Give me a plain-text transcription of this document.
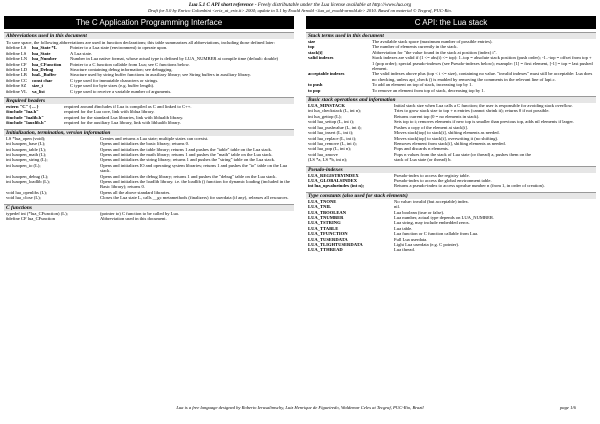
Lua 5.1 C API short reference - Freely distributable under the Lua license available at http://www.lua.org
Draft for 5.0 by Enrico Colombini <erix_at_erix.it> 2004; update to 5.1 by Ewald Arnold <lua_at_ewald-arnold.de> 2010. Based on material © Tecgraf, PUC-Rio.
The C Application Programming Interface
Abbreviations used in this document
To save space, the following abbreviations are used in function declarations; this table summarizes all abbreviations, including those defined later:
#define LS	lua_State *L	Pointer to a Lua state (environment) to operate upon.
#define LS	lua_State	A Lua state.
#define LN	lua_Number	Number in Lua native format, whose actual type is defined by LUA_NUMBER at compile time (default: double)
#define CF	lua_CFunction	Pointer to a C function callable from Lua; see C functions below.
#define LD	lua_Debug	Structure containing debug information; see debugging.
#define LB	luaL_Buffer	Structure used by string buffer functions in auxiliary library; see String buffers in auxiliary library.
#define CC	const char	C type used for immutable characters or strings.
#define SZ	size_t	C type used for byte sizes (e.g. buffer length).
#define VL	va_list	C type used to receive a variable number of arguments.
Required headers
extern "C" { ... }	required around #includes if Lua is compiled as C and linked to C++.
#include "lua.h"	required for the Lua core, link with liblua library.
#include "lualib.h"	required for the standard Lua libraries, link with liblualib library.
#include "lauxlib.h"	required for the auxiliary Lua library, link with liblualib library.
Initialization, termination, version information
LS *lua_open (void);	Creates and returns a Lua state; multiple states can coexist.
int luaopen_base (L);	Opens and initializes the basic library; returns 0.
int luaopen_table (L);	Opens and initializes the table library; returns 1 and pushes the "table" table on the Lua stack.
int luaopen_math (L);	Opens and initializes the math library; returns 1 and pushes the "math" table on the Lua stack.
int luaopen_string (L);	Opens and initializes the string library; returns 1 and pushes the "string" table on the Lua stack.
int luaopen_io (L);	Opens and initializes IO and operating system libraries; returns 1 and pushes the "io" table on the Lua stack.
int luaopen_debug (L);	Opens and initializes the debug library; returns 1 and pushes the "debug" table on the Lua stack.
int luaopen_loadlib (L);	Opens and initializes the loadlib library. i.e. the loadlib () function for dynamic loading (included in the Basic library); returns 0.
void lua_openlibs (L);	Opens all the above standard libraries.
void lua_close (L);	Closes the Lua state L, calls __gc metamethods (finalizers) for userdata (if any), releases all resources.
C functions
typedef int (*lua_CFunction) (L);	(pointer to) C function to be called by Lua.
#define CF lua_CFunction	Abbreviation used in this document.
C API: the Lua stack
Stack terms used in this document
size	The available stack space (maximum number of possible entries).
top	The number of elements currently in the stack.
stack[i]	Abbreviation for "the value found in the stack at position (index) i".
valid indexes	Stack indexes are valid if (1 <= abs(i) <= top): 1..top = absolute stack position (push order); -1..-top = offset from top + 1 (pop order); special pseudo-indexes (see Pseudo-indexes below); example: [1] = first element, [-1] = top = last pushed element.
acceptable indexes	The valid indexes above plus (top < i <= size), containing no value. "invalid indexes" must still be acceptable: Lua does no checking, unless api_check () is enabled by removing the comments in the relevant line of lapi.c.
to push	To add an element on top of stack, increasing top by 1.
to pop	To remove an element from top of stack, decreasing top by 1.
Basic stack operations and information
LUA_MINSTACK	Initial stack size when Lua calls a C function; the user is responsible for avoiding stack overflow.
int lua_checkstack (L, int n);	Tries to grow stack size to top + n entries (cannot shrink it); returns 0 if not possible.
int lua_gettop (L);	Returns current top (0 = no elements in stack).
void lua_settop (L, int i);	Sets top to i; removes elements if new top is smaller than previous top, adds nil elements if larger.
void lua_pushvalue (L, int i);	Pushes a copy of the element at stack[i].
void lua_insert (L, int i);	Moves stack[top] to stack[i], shifting elements as needed.
void lua_replace (L, int i);	Moves stack[top] to stack[i], overwriting it (no shifting).
void lua_remove (L, int i);	Removes element from stack[i], shifting elements as needed.
void lua_pop (L, int n);	Pops and discards n elements.
void lua_xmove	Pops n values from the stack of Lua state (or thread) a, pushes them on the
(LS *a, LS *b, int n);	stack of Lua state (or thread) b.
Pseudo-indexes
LUA_REGISTRYINDEX	Pseudo-index to access the registry table.
LUA_GLOBALSINDEX	Pseudo-index to access the global environment table.
int lua_upvalueindex (int n);	Returns a pseudo-index to access upvalue number n (from 1, in order of creation).
Type constants (also used for stack elements)
LUA_TNONE	No value: invalid (but acceptable) index.
LUA_TNIL	nil.
LUA_TBOOLEAN	Lua boolean (true or false).
LUA_TNUMBER	Lua number, actual type depends on LUA_NUMBER.
LUA_TSTRING	Lua string, may include embedded zeros.
LUA_TTABLE	Lua table.
LUA_TFUNCTION	Lua function or C function callable from Lua.
LUA_TUSERDATA	Full Lua userdata.
LUA_TLIGHTUSERDATA	Light Lua userdata (e.g. C pointer).
LUA_TTHREAD	Lua thread.
Lua is a free language designed by Roberto Ierusalimschy, Luiz Henrique de Figueiredo, Waldemar Celes at Tecgraf, PUC-Rio, Brazil	page 1/6
